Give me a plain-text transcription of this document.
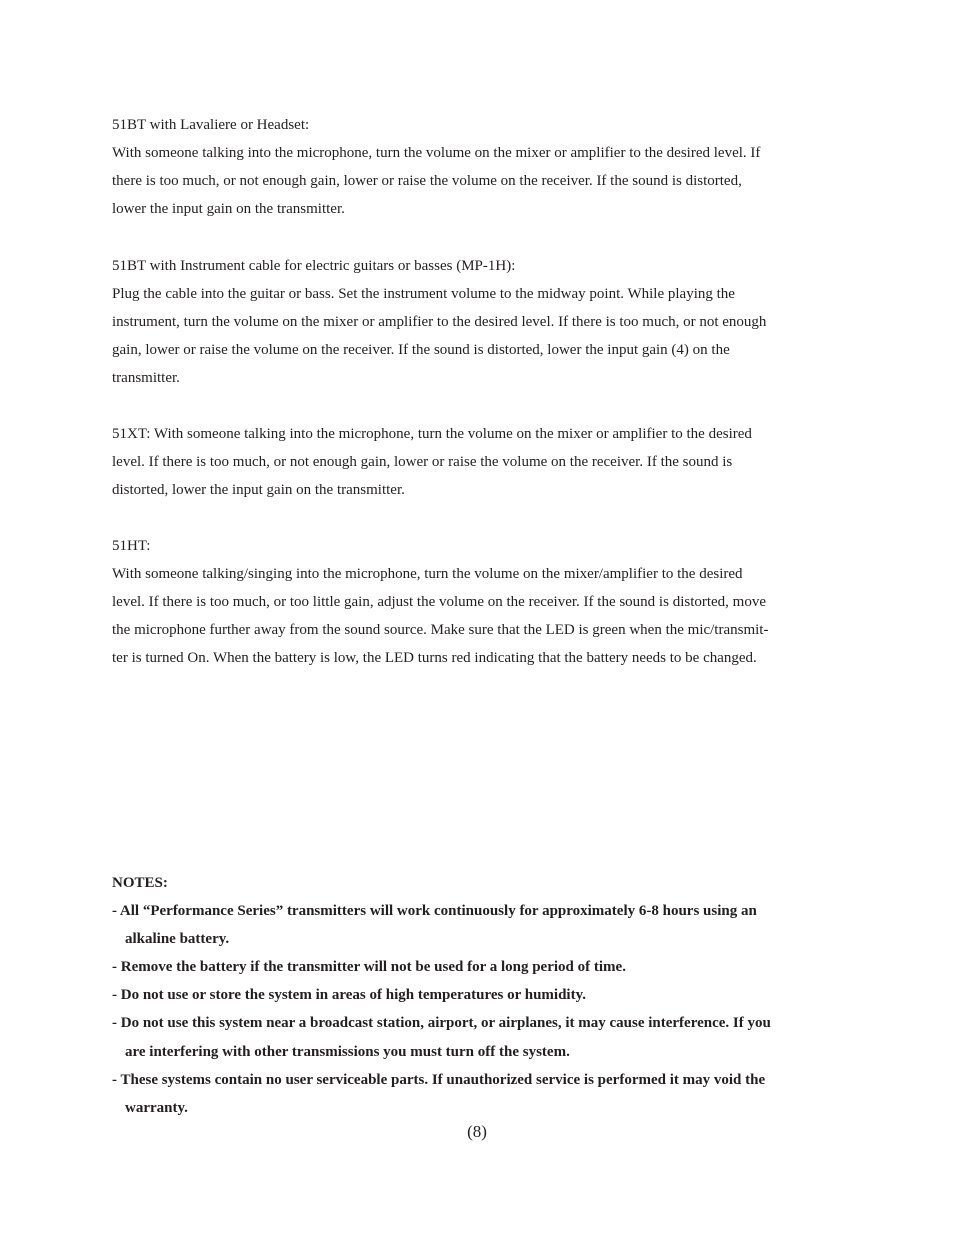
51BT with Lavaliere or Headset:

With someone talking into the microphone, turn the volume on the mixer or amplifier to the desired level. If

there is too much, or not enough gain, lower or raise the volume on the receiver. If the sound is distorted,

lower the input gain on the transmitter.

51BT with Instrument cable for electric guitars or basses (MP-1H):

Plug the cable into the guitar or bass. Set the instrument volume to the midway point. While playing the

instrument, turn the volume on the mixer or amplifier to the desired level. If there is too much, or not enough

gain, lower or raise the volume on the receiver. If the sound is distorted, lower the input gain (4) on the

transmitter.

51XT: With someone talking into the microphone, turn the volume on the mixer or amplifier to the desired

level. If there is too much, or not enough gain, lower or raise the volume on the receiver. If the sound is

distorted, lower the input gain on the transmitter.

51HT:

With someone talking/singing into the microphone, turn the volume on the mixer/amplifier to the desired

level. If there is too much, or too little gain, adjust the volume on the receiver. If the sound is distorted, move

the microphone further away from the sound source. Make sure that the LED is green when the mic/transmit-

ter is turned On. When the battery is low, the LED turns red indicating that the battery needs to be changed.

NOTES:

- All “Performance Series” transmitters will work continuously for approximately 6-8 hours using an
alkaline battery.
- Remove the battery if the transmitter will not be used for a long period of time.
- Do not use or store the system in areas of high temperatures or humidity.
- Do not use this system near a broadcast station, airport, or airplanes, it may cause interference. If you
are interfering with other transmissions you must turn off the system.
- These systems contain no user serviceable parts. If unauthorized service is performed it may void the
warranty.
(8)
